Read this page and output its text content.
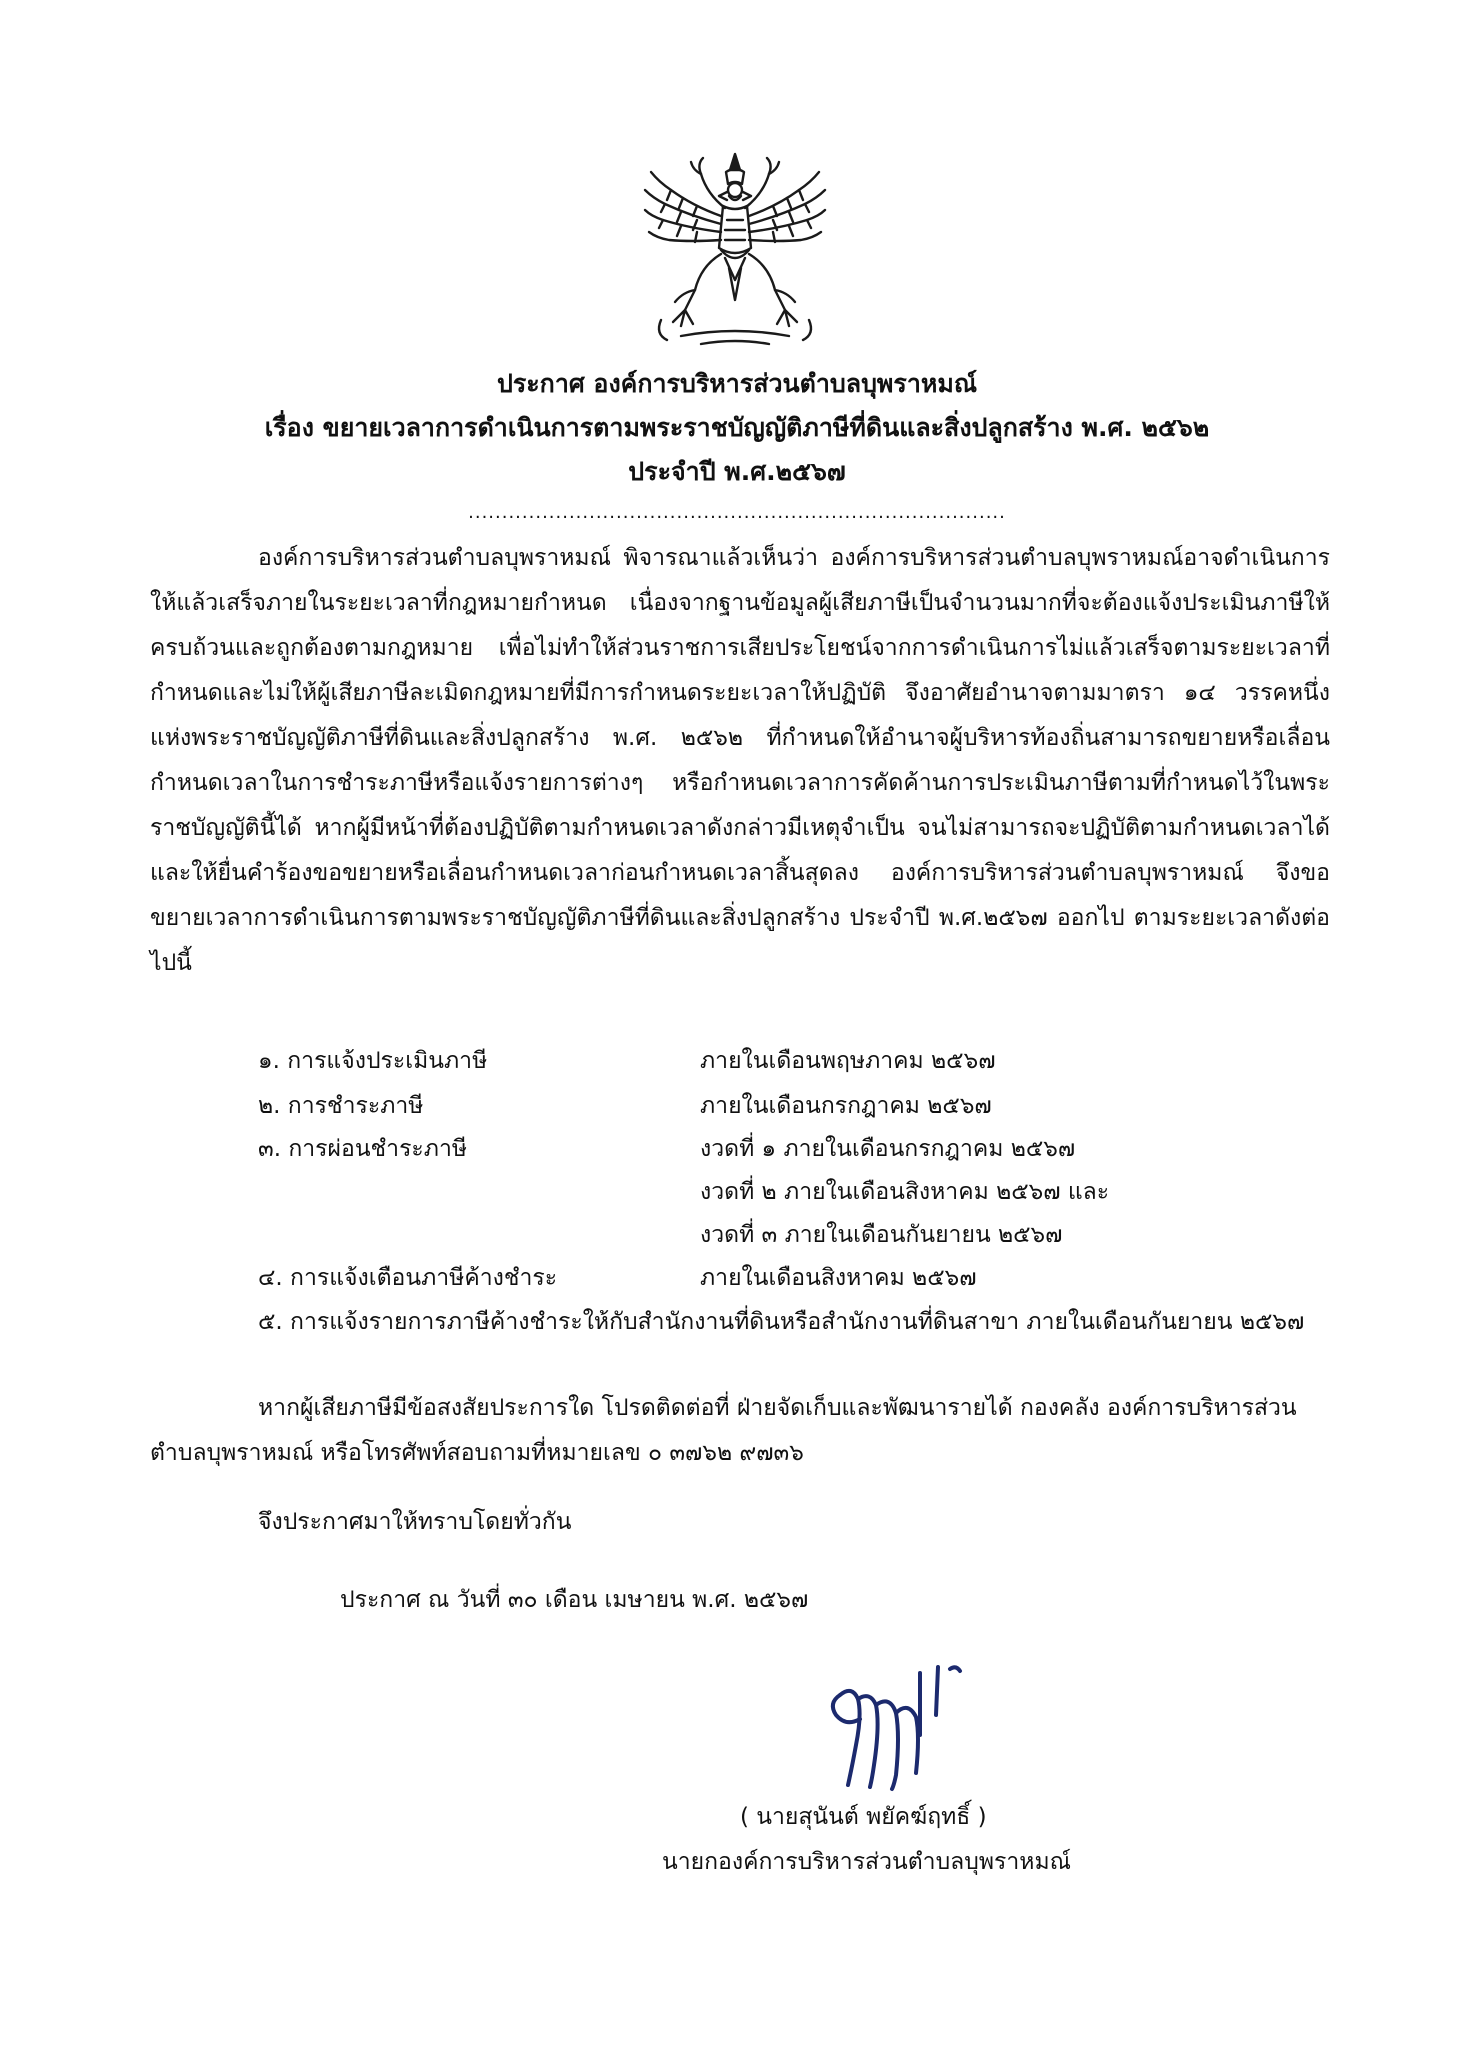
ประกาศ องค์การบริหารส่วนตำบลบุพราหมณ์
เรื่อง ขยายเวลาการดำเนินการตามพระราชบัญญัติภาษีที่ดินและสิ่งปลูกสร้าง พ.ศ. ๒๕๖๒
ประจำปี พ.ศ.๒๕๖๗
................................................................................
องค์การบริหารส่วนตำบลบุพราหมณ์ พิจารณาแล้วเห็นว่า องค์การบริหารส่วนตำบลบุพราหมณ์อาจดำเนินการให้แล้วเสร็จภายในระยะเวลาที่กฎหมายกำหนด เนื่องจากฐานข้อมูลผู้เสียภาษีเป็นจำนวนมากที่จะต้องแจ้งประเมินภาษีให้ครบถ้วนและถูกต้องตามกฎหมาย เพื่อไม่ทำให้ส่วนราชการเสียประโยชน์จากการดำเนินการไม่แล้วเสร็จตามระยะเวลาที่กำหนดและไม่ให้ผู้เสียภาษีละเมิดกฎหมายที่มีการกำหนดระยะเวลาให้ปฏิบัติ จึงอาศัยอำนาจตามมาตรา ๑๔ วรรคหนึ่ง แห่งพระราชบัญญัติภาษีที่ดินและสิ่งปลูกสร้าง พ.ศ. ๒๕๖๒ ที่กำหนดให้อำนาจผู้บริหารท้องถิ่นสามารถขยายหรือเลื่อนกำหนดเวลาในการชำระภาษีหรือแจ้งรายการต่างๆ หรือกำหนดเวลาการคัดค้านการประเมินภาษีตามที่กำหนดไว้ในพระราชบัญญัตินี้ได้ หากผู้มีหน้าที่ต้องปฏิบัติตามกำหนดเวลาดังกล่าวมีเหตุจำเป็น จนไม่สามารถจะปฏิบัติตามกำหนดเวลาได้ และให้ยื่นคำร้องขอขยายหรือเลื่อนกำหนดเวลาก่อนกำหนดเวลาสิ้นสุดลง องค์การบริหารส่วนตำบลบุพราหมณ์ จึงขอขยายเวลาการดำเนินการตามพระราชบัญญัติภาษีที่ดินและสิ่งปลูกสร้าง ประจำปี พ.ศ.๒๕๖๗ ออกไป ตามระยะเวลาดังต่อไปนี้
๑. การแจ้งประเมินภาษี	ภายในเดือนพฤษภาคม ๒๕๖๗
๒. การชำระภาษี	ภายในเดือนกรกฎาคม ๒๕๖๗
๓. การผ่อนชำระภาษี	งวดที่ ๑ ภายในเดือนกรกฎาคม ๒๕๖๗
งวดที่ ๒ ภายในเดือนสิงหาคม ๒๕๖๗ และ
งวดที่ ๓ ภายในเดือนกันยายน ๒๕๖๗
๔. การแจ้งเตือนภาษีค้างชำระ	ภายในเดือนสิงหาคม ๒๕๖๗
๕. การแจ้งรายการภาษีค้างชำระให้กับสำนักงานที่ดินหรือสำนักงานที่ดินสาขา ภายในเดือนกันยายน ๒๕๖๗
หากผู้เสียภาษีมีข้อสงสัยประการใด โปรดติดต่อที่ ฝ่ายจัดเก็บและพัฒนารายได้ กองคลัง องค์การบริหารส่วนตำบลบุพราหมณ์ หรือโทรศัพท์สอบถามที่หมายเลข ๐ ๓๗๖๒ ๙๗๓๖
จึงประกาศมาให้ทราบโดยทั่วกัน
ประกาศ ณ วันที่ ๓๐ เดือน เมษายน พ.ศ. ๒๕๖๗
( นายสุนันต์ พยัคฆ์ฤทธิ์ )
นายกองค์การบริหารส่วนตำบลบุพราหมณ์
